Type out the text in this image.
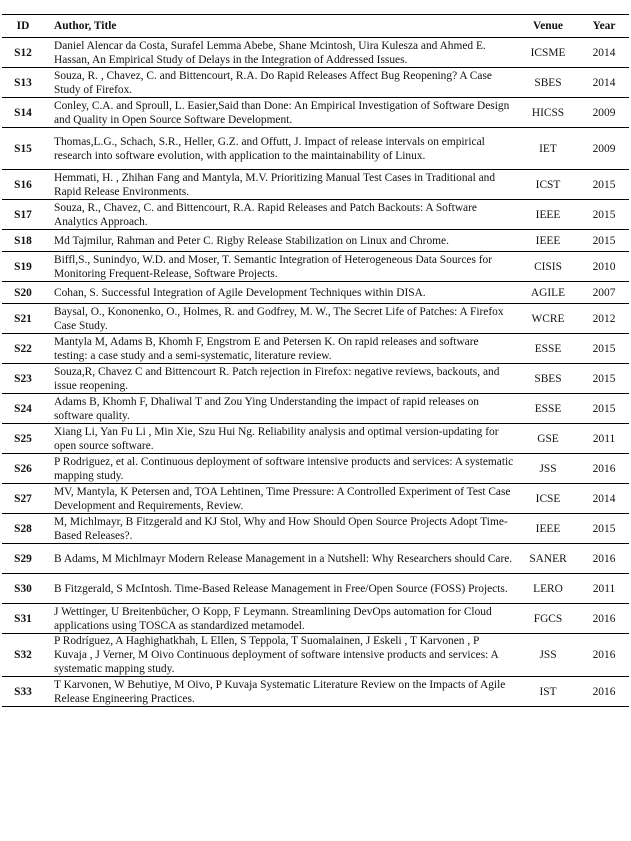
ID	Author, Title	Venue	Year
S12	Daniel Alencar da Costa, Surafel Lemma Abebe, Shane Mcintosh, Uira Kulesza and Ahmed E. Hassan, An Empirical Study of Delays in the Integration of Addressed Issues.	ICSME	2014
S13	Souza, R. , Chavez, C. and Bittencourt, R.A. Do Rapid Releases Affect Bug Reopening? A Case Study of Firefox.	SBES	2014
S14	Conley, C.A. and Sproull, L. Easier,Said than Done: An Empirical Investigation of Software Design and Quality in Open Source Software Development.	HICSS	2009
S15	Thomas,L.G., Schach, S.R., Heller, G.Z. and Offutt, J. Impact of release intervals on empirical research into software evolution, with application to the maintainability of Linux.	IET	2009
S16	Hemmati, H. , Zhihan Fang and Mantyla, M.V. Prioritizing Manual Test Cases in Traditional and Rapid Release Environments.	ICST	2015
S17	Souza, R., Chavez, C. and Bittencourt, R.A. Rapid Releases and Patch Backouts: A Software Analytics Approach.	IEEE	2015
S18	Md Tajmilur, Rahman and Peter C. Rigby Release Stabilization on Linux and Chrome.	IEEE	2015
S19	Biffl,S., Sunindyo, W.D. and Moser, T. Semantic Integration of Heterogeneous Data Sources for Monitoring Frequent-Release, Software Projects.	CISIS	2010
S20	Cohan, S. Successful Integration of Agile Development Techniques within DISA.	AGILE	2007
S21	Baysal, O., Kononenko, O., Holmes, R. and Godfrey, M. W., The Secret Life of Patches: A Firefox Case Study.	WCRE	2012
S22	Mantyla M, Adams B, Khomh F, Engstrom E and Petersen K. On rapid releases and software testing: a case study and a semi-systematic, literature review.	ESSE	2015
S23	Souza,R, Chavez C and Bittencourt R. Patch rejection in Firefox: negative reviews, backouts, and issue reopening.	SBES	2015
S24	Adams B, Khomh F, Dhaliwal T and Zou Ying Understanding the impact of rapid releases on software quality.	ESSE	2015
S25	Xiang Li, Yan Fu Li , Min Xie, Szu Hui Ng. Reliability analysis and optimal version-updating for open source software.	GSE	2011
S26	P Rodriguez, et al. Continuous deployment of software intensive products and services: A systematic mapping study.	JSS	2016
S27	MV, Mantyla, K Petersen and, TOA Lehtinen, Time Pressure: A Controlled Experiment of Test Case Development and Requirements, Review.	ICSE	2014
S28	M, Michlmayr, B Fitzgerald and KJ Stol, Why and How Should Open Source Projects Adopt Time-Based Releases?.	IEEE	2015
S29	B Adams, M Michlmayr Modern Release Management in a Nutshell: Why Researchers should Care.	SANER	2016
S30	B Fitzgerald, S McIntosh. Time-Based Release Management in Free/Open Source (FOSS) Projects.	LERO	2011
S31	J Wettinger, U Breitenbücher, O Kopp, F Leymann. Streamlining DevOps automation for Cloud applications using TOSCA as standardized metamodel.	FGCS	2016
S32	P Rodríguez, A Haghighatkhah, L Ellen, S Teppola, T Suomalainen, J Eskeli , T Karvonen , P Kuvaja , J Verner, M Oivo Continuous deployment of software intensive products and services: A systematic mapping study.	JSS	2016
S33	T Karvonen, W Behutiye, M Oivo, P Kuvaja Systematic Literature Review on the Impacts of Agile Release Engineering Practices.	IST	2016
